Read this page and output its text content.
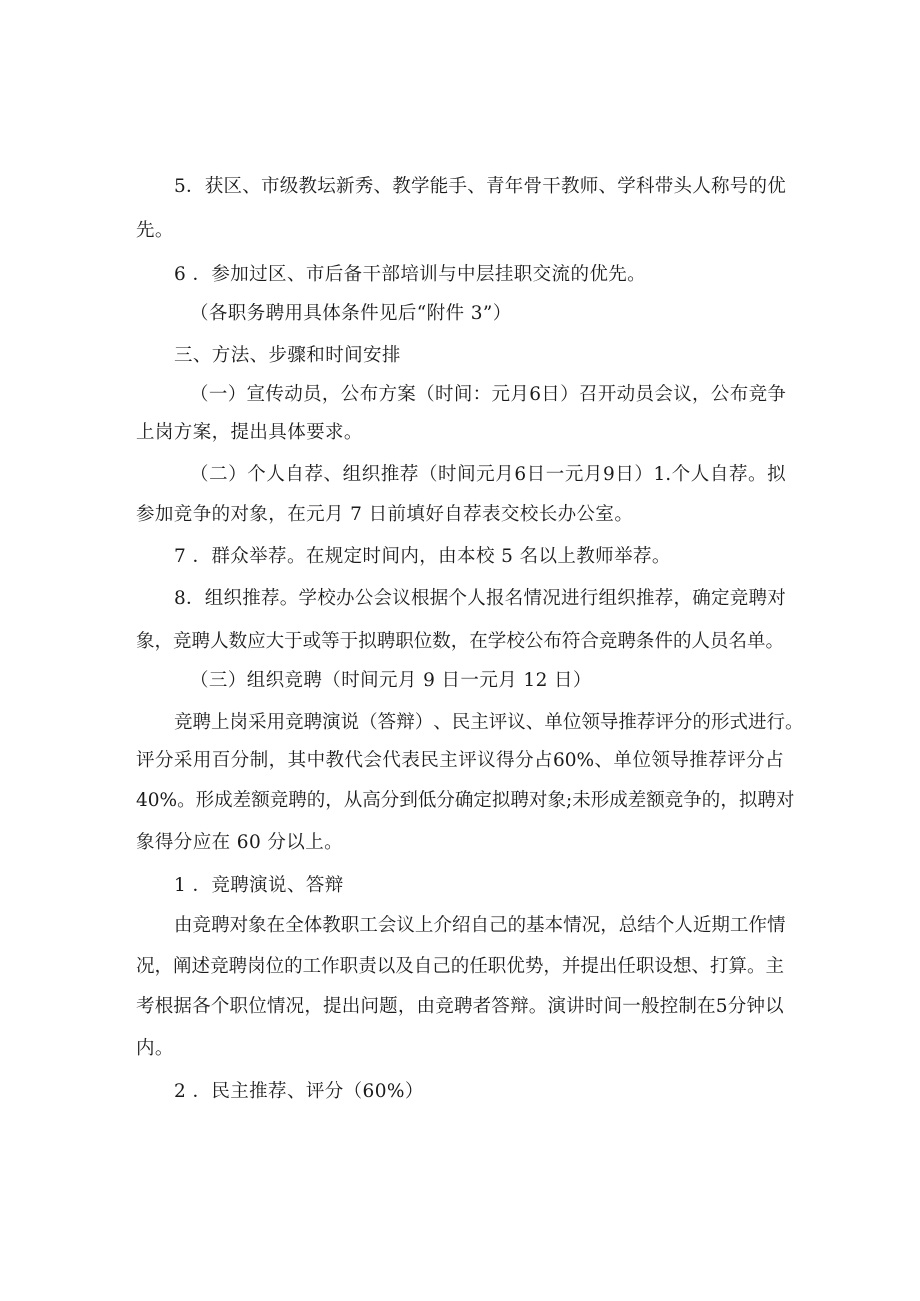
5 ． 获 区 、 市 级 教 坛 新 秀 、 教 学 能 手 、 青 年 骨 干 教 师 、 学 科 带 头 人 称 号 的 优
先。
6 ．参加过区、市后备干部培训与中层挂职交流的优先。
（各职务聘用具体条件见后“附件 3”）
三、方法、步骤和时间安排
（ 一 ） 宣 传 动 员 ， 公 布 方 案 （ 时 间 ： 元 月 6 日 ） 召 开 动 员 会 议 ， 公 布 竞 争
上岗方案，提出具体要求。
（ 二 ） 个 人 自 荐 、 组 织 推 荐 （ 时 间 元 月 6 日 一 元 月 9 日 ） 1. 个 人 自 荐 。 拟
参加竞争的对象，在元月 7 日前填好自荐表交校长办公室。
7 ．群众举荐。在规定时间内，由本校 5 名以上教师举荐。
8 ． 组 织 推 荐 。 学 校 办 公 会 议 根 据 个 人 报 名 情 况 进 行 组 织 推 荐 ， 确 定 竞 聘 对
象 ， 竞 聘 人 数 应 大 于 或 等 于 拟 聘 职 位 数 ， 在 学 校 公 布 符 合 竞 聘 条 件 的 人 员 名 单 。
（三）组织竞聘（时间元月 9 日一元月 12 日）
竞 聘 上 岗 采 用 竞 聘 演 说 （ 答 辩 ） 、 民 主 评 议 、 单 位 领 导 推 荐 评 分 的 形 式 进 行 。
评 分 采 用 百 分 制 ， 其 中 教 代 会 代 表 民 主 评 议 得 分 占 60% 、 单 位 领 导 推 荐 评 分 占
40% 。 形 成 差 额 竞 聘 的 ， 从 高 分 到 低 分 确 定 拟 聘 对 象 ; 未 形 成 差 额 竞 争 的 ， 拟 聘 对
象得分应在 60 分以上。
1 ．竞聘演说、答辩
由 竞 聘 对 象 在 全 体 教 职 工 会 议 上 介 绍 自 己 的 基 本 情 况 ， 总 结 个 人 近 期 工 作 情
况 ， 阐 述 竞 聘 岗 位 的 工 作 职 责 以 及 自 己 的 任 职 优 势 ， 并 提 出 任 职 设 想 、 打 算 。 主
考 根 据 各 个 职 位 情 况 ， 提 出 问 题 ， 由 竞 聘 者 答 辩 。 演 讲 时 间 一 般 控 制 在 5 分 钟 以
内。
2 ．民主推荐、评分（60%）
